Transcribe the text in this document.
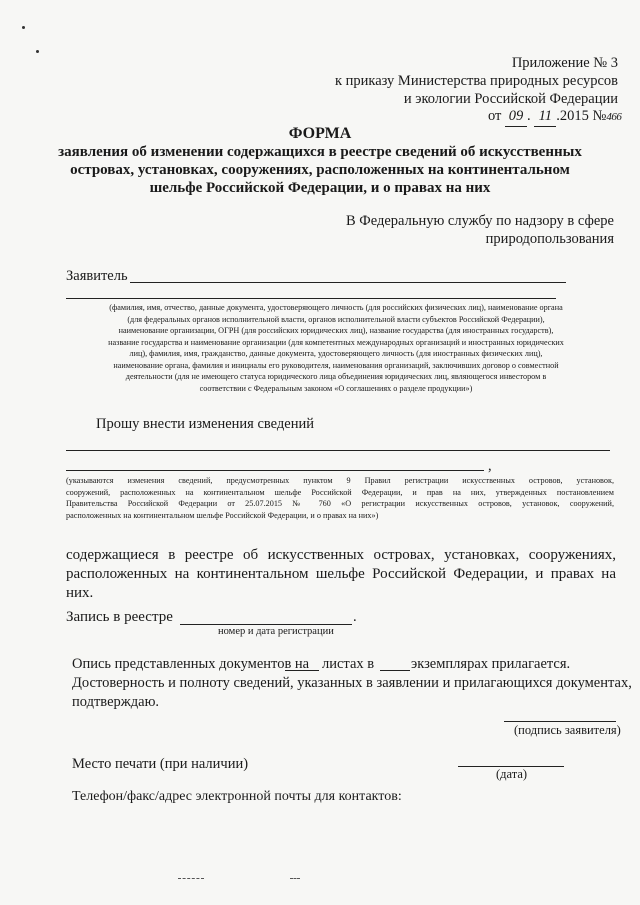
Приложение № 3
к приказу Министерства природных ресурсов
и экологии Российской Федерации
от 09 . 11 .2015 №466
ФОРМА
заявления об изменении содержащихся в реестре сведений об искусственных
островах, установках, сооружениях, расположенных на континентальном
шельфе Российской Федерации, и о правах на них
В Федеральную службу по надзору в сфере
природопользования
Заявитель
(фамилия, имя, отчество, данные документа, удостоверяющего личность (для российских физических лиц), наименование органа
(для федеральных органов исполнительной власти, органов исполнительной власти субъектов Российской Федерации),
наименование организации, ОГРН (для российских юридических лиц), название государства (для иностранных государств),
название государства и наименование организации (для компетентных международных организаций и иностранных юридических
лиц), фамилия, имя, гражданство, данные документа, удостоверяющего личность (для иностранных физических лиц),
наименование органа, фамилия и инициалы его руководителя, наименования организаций, заключивших договор о совместной
деятельности (для не имеющего статуса юридического лица объединения юридических лиц, являющегося инвестором в
соответствии с Федеральным законом «О соглашениях о разделе продукции»)
Прошу внести изменения сведений
,
(указываются изменения сведений, предусмотренных пунктом 9 Правил регистрации искусственных островов, установок,
сооружений, расположенных на континентальном шельфе Российской Федерации, и прав на них, утвержденных постановлением
Правительства Российской Федерации от 25.07.2015 № 760 «О регистрации искусственных островов, установок, сооружений,
расположенных на континентальном шельфе Российской Федерации, и о правах на них»)
содержащиеся в реестре об искусственных островах, установках, сооружениях,
расположенных на континентальном шельфе Российской Федерации, и правах на
них.
Запись в реестре	.
номер и дата регистрации
Опись представленных документов на листах в	экземплярах прилагается.
Достоверность и полноту сведений, указанных в заявлении и прилагающихся документах,
подтверждаю.
(подпись заявителя)
Место печати (при наличии)
(дата)
Телефон/факс/адрес электронной почты для контактов:
